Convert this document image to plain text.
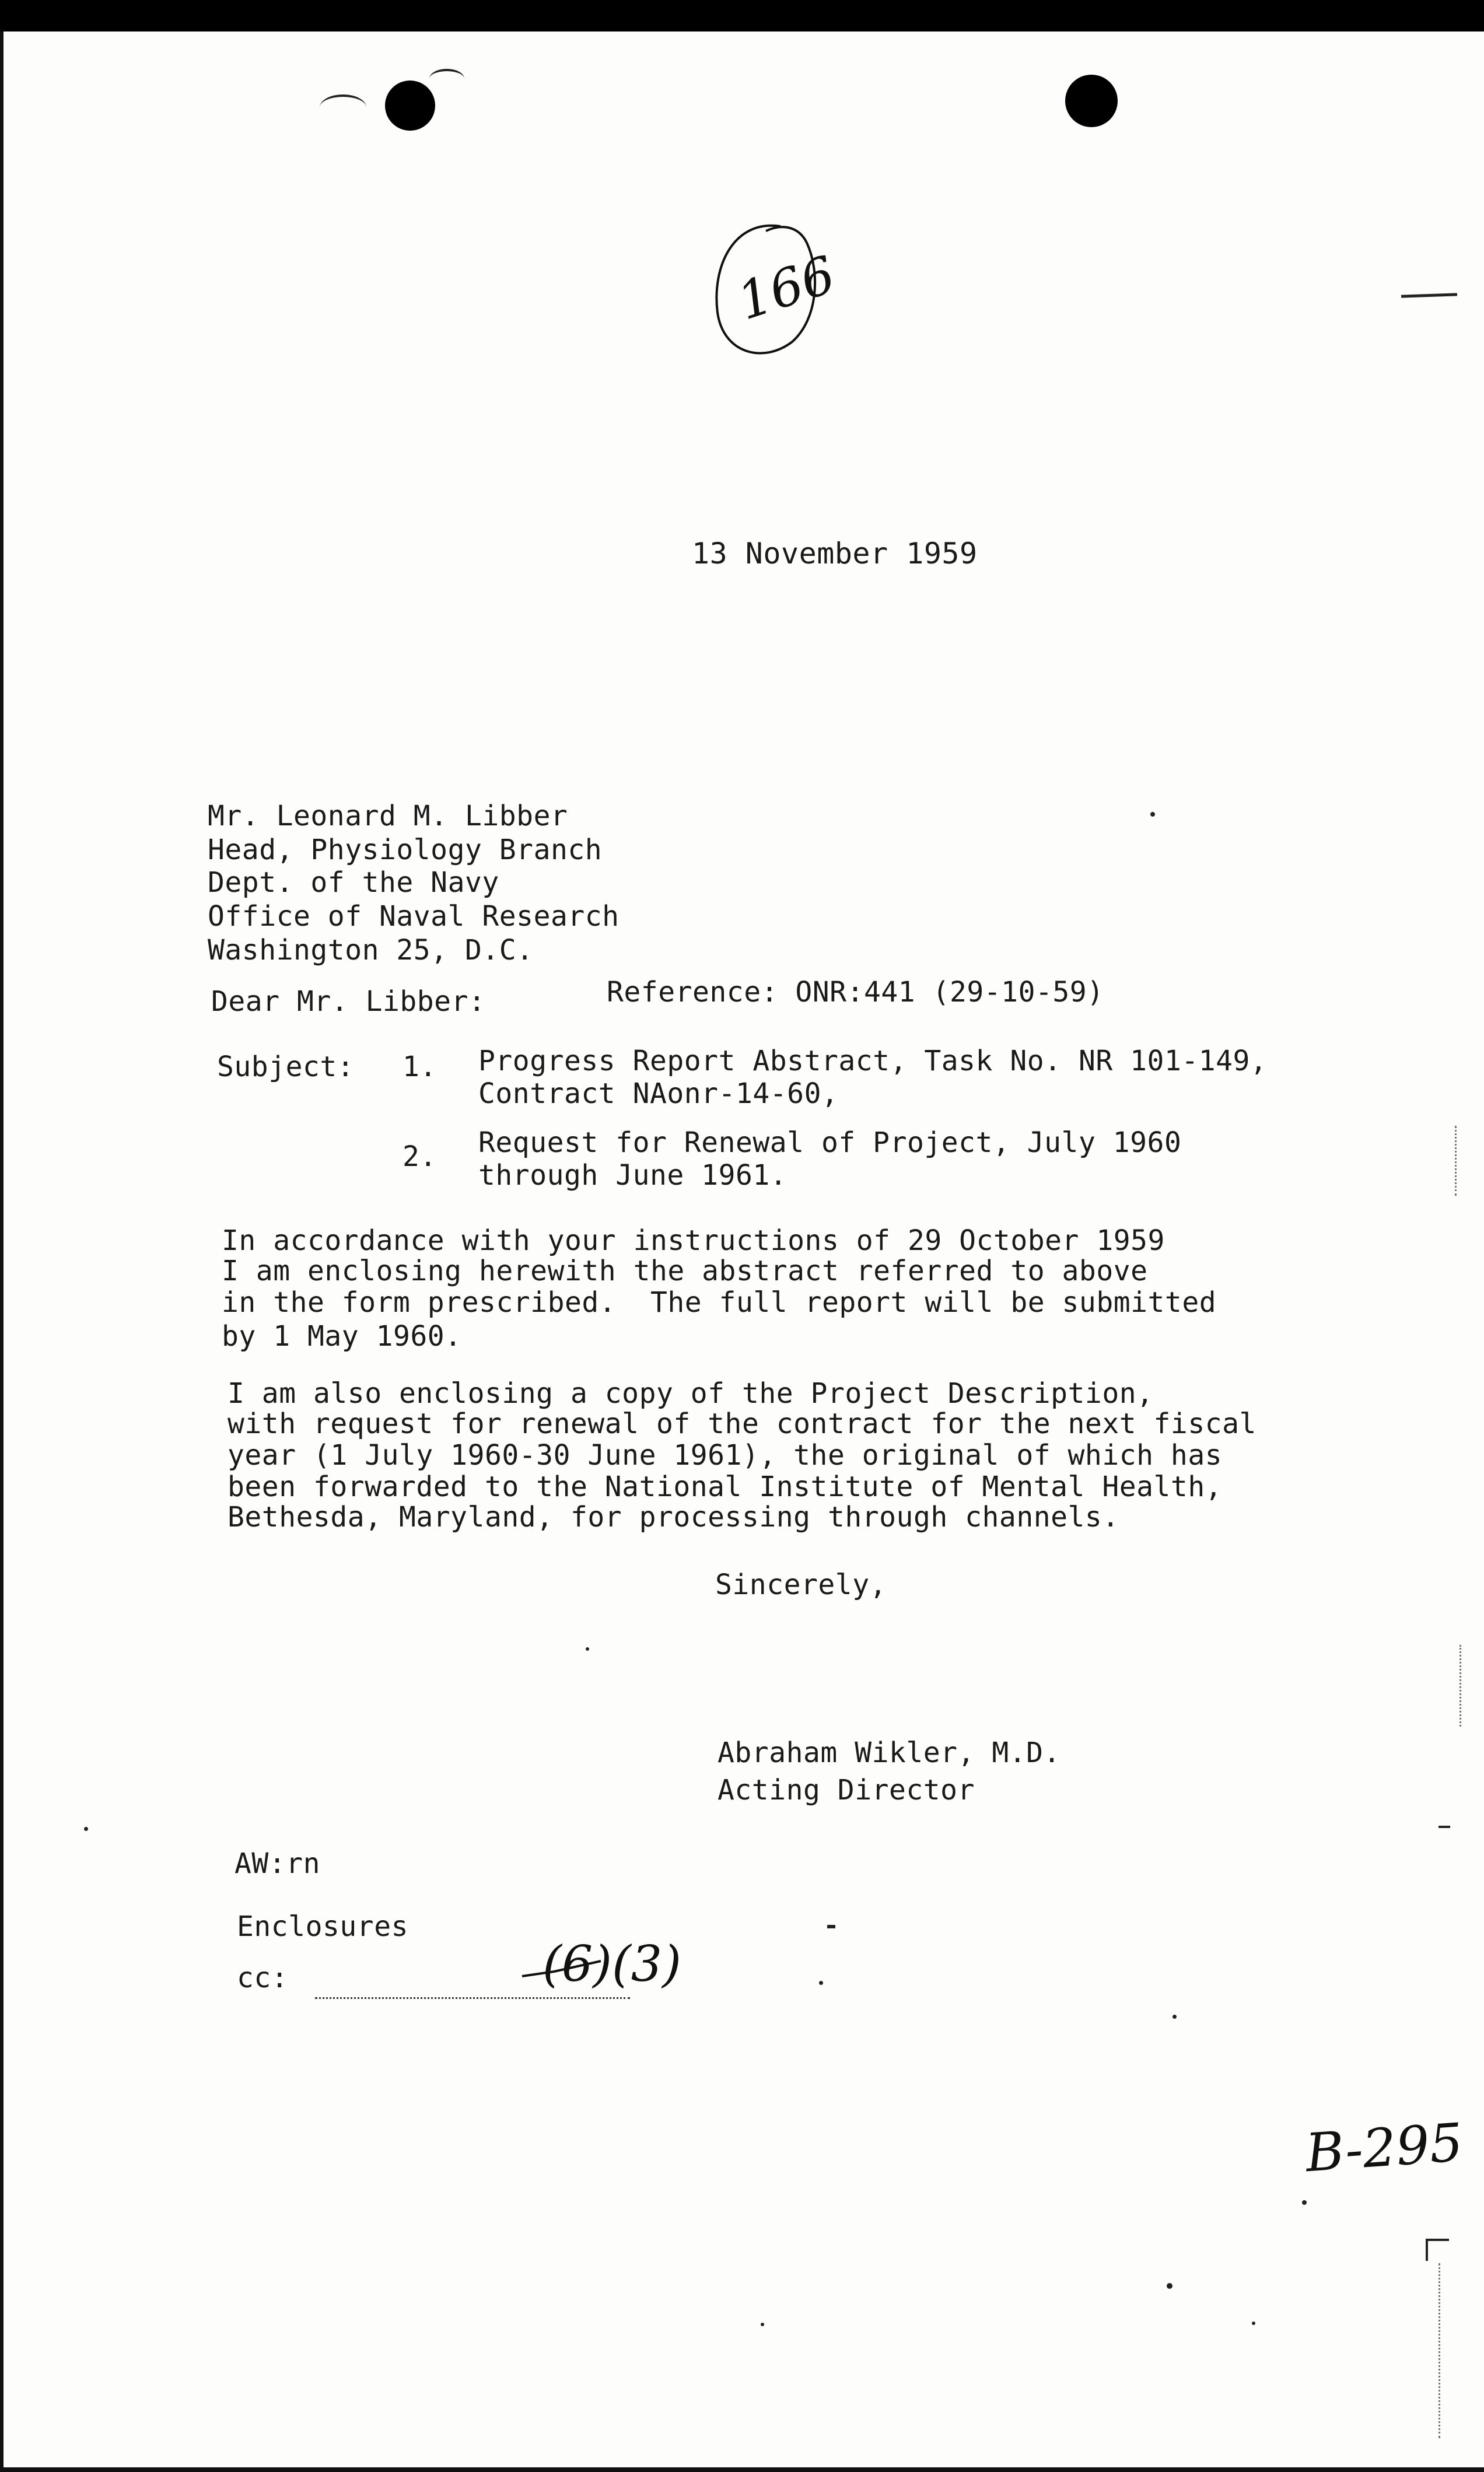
166
13 November 1959
Mr. Leonard M. Libber
Head, Physiology Branch
Dept. of the Navy
Office of Naval Research
Washington 25, D.C.
Dear Mr. Libber:	Reference: ONR:441 (29-10-59)
Subject: 1. Progress Report Abstract, Task No. NR 101-149,
Contract NAonr-14-60,
2. Request for Renewal of Project, July 1960
through June 1961.
In accordance with your instructions of 29 October 1959
I am enclosing herewith the abstract referred to above
in the form prescribed.  The full report will be submitted
by 1 May 1960.
I am also enclosing a copy of the Project Description,
with request for renewal of the contract for the next fiscal
year (1 July 1960-30 June 1961), the original of which has
been forwarded to the National Institute of Mental Health,
Bethesda, Maryland, for processing through channels.
Sincerely,
Abraham Wikler, M.D.
Acting Director
AW:rn
Enclosures
cc:	(6)(3)
B-295
